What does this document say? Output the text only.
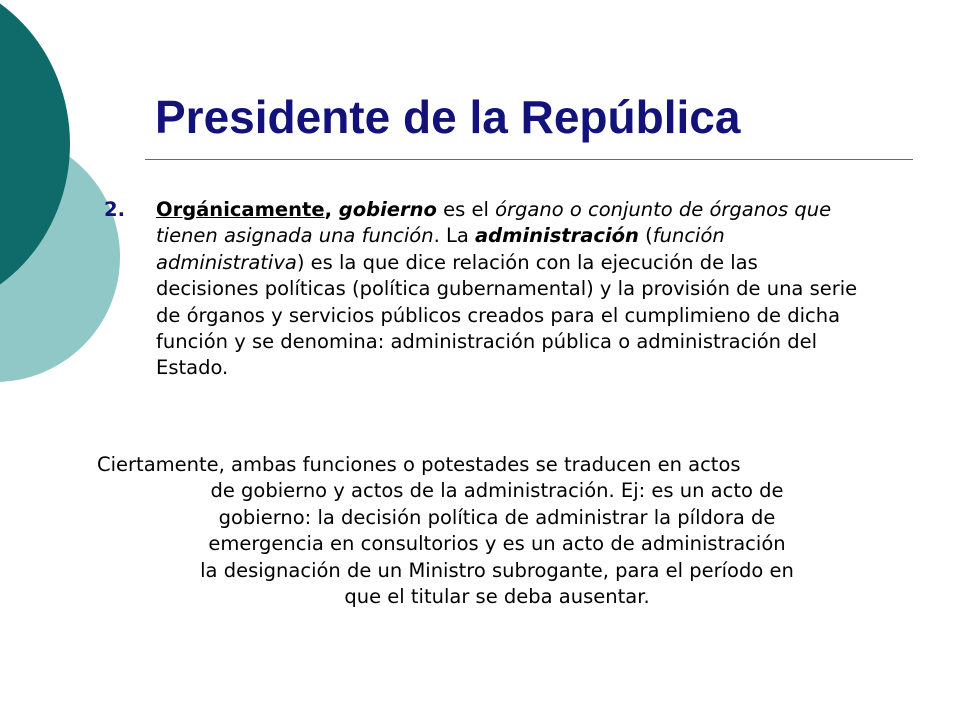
Presidente de la República
2. Orgánicamente, gobierno es el órgano o conjunto de órganos que tienen asignada una función. La administración (función administrativa) es la que dice relación con la ejecución de las decisiones políticas (política gubernamental) y la provisión de una serie de órganos y servicios públicos creados para el cumplimieno de dicha función y se denomina: administración pública o administración del Estado.
Ciertamente, ambas funciones o potestades se traducen en actos
de gobierno y actos de la administración. Ej: es un acto de
gobierno: la decisión política de administrar la píldora de
emergencia en consultorios y es un acto de administración
la designación de un Ministro subrogante, para el período en
que el titular se deba ausentar.
